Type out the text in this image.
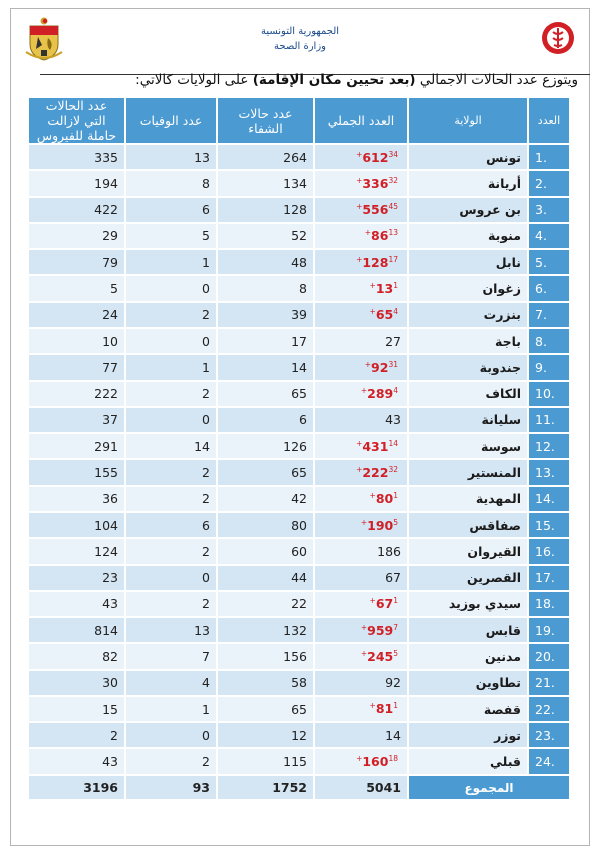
الجمهورية التونسية
وزارة الصحة
ويتوزع عدد الحالات الاجمالي (بعد تحيين مكان الإقامة) على الولايات كالاتي:
العدد	الولاية	العدد الجملي	عدد حالات الشفاء	عدد الوفيات	عدد الحالات التي لازالت
حاملة للفيروس

1.	تونس	$612^{34+}$	264	13	335
2.	أريانة	$336^{32+}$	134	8	194
3.	بن عروس	$556^{45+}$	128	6	422
4.	منوبة	$86^{13+}$	52	5	29
5.	نابل	$128^{17+}$	48	1	79
6.	زغوان	$13^{1+}$	8	0	5
7.	بنزرت	$65^{4+}$	39	2	24
8.	باجة	27	17	0	10
9.	جندوبة	$92^{31+}$	14	1	77
10.	الكاف	$289^{4+}$	65	2	222
11.	سليانة	43	6	0	37
12.	سوسة	$431^{14+}$	126	14	291
13.	المنستير	$222^{32+}$	65	2	155
14.	المهدية	$80^{1+}$	42	2	36
15.	صفاقس	$190^{5+}$	80	6	104
16.	القيروان	186	60	2	124
17.	القصرين	67	44	0	23
18.	سيدي بوزيد	$67^{1+}$	22	2	43
19.	قابس	$959^{7+}$	132	13	814
20.	مدنين	$245^{5+}$	156	7	82
21.	تطاوين	92	58	4	30
22.	قفصة	$81^{1+}$	65	1	15
23.	توزر	14	12	0	2
24.	قبلي	$160^{18+}$	115	2	43
المجموع		5041	1752	93	3196
